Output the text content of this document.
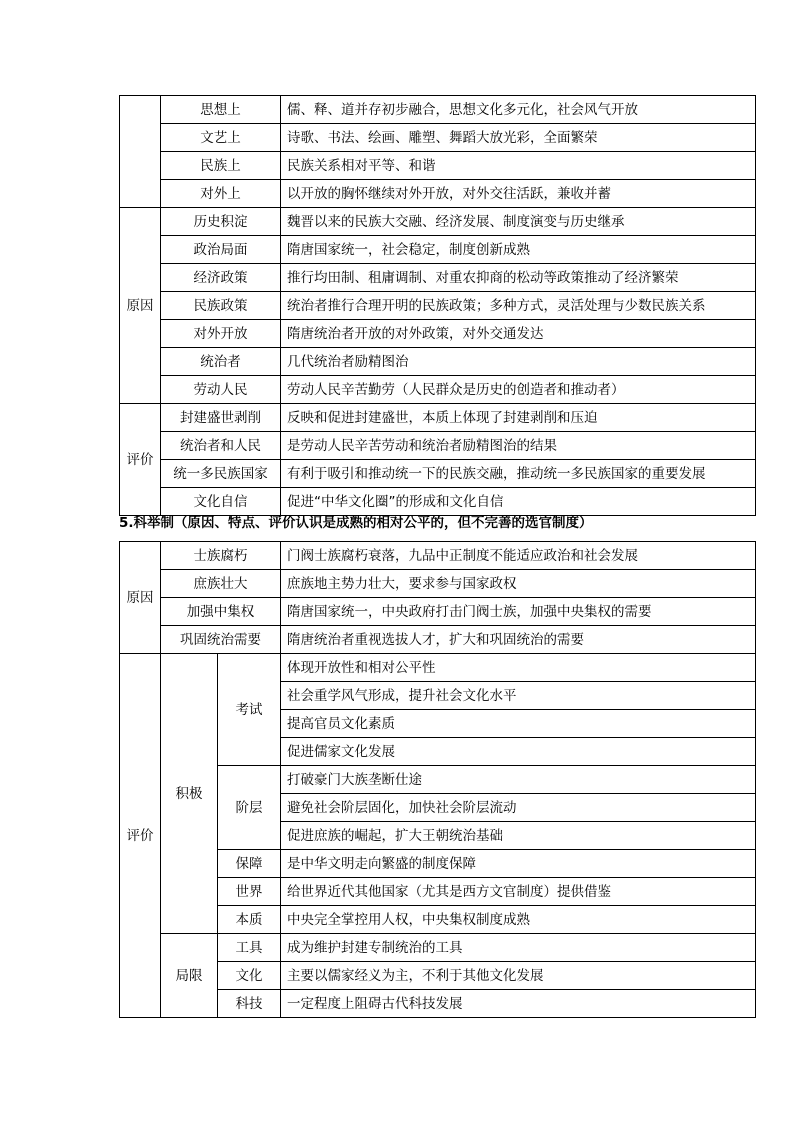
	思想上	儒、释、道并存初步融合，思想文化多元化，社会风气开放
	文艺上	诗歌、书法、绘画、雕塑、舞蹈大放光彩，全面繁荣
	民族上	民族关系相对平等、和谐
	对外上	以开放的胸怀继续对外开放，对外交往活跃，兼收并蓄
原因	历史积淀	魏晋以来的民族大交融、经济发展、制度演变与历史继承
	政治局面	隋唐国家统一，社会稳定，制度创新成熟
	经济政策	推行均田制、租庸调制、对重农抑商的松动等政策推动了经济繁荣
	民族政策	统治者推行合理开明的民族政策；多种方式，灵活处理与少数民族关系
	对外开放	隋唐统治者开放的对外政策，对外交通发达
	统治者	几代统治者励精图治
	劳动人民	劳动人民辛苦勤劳（人民群众是历史的创造者和推动者）
评价	封建盛世剥削	反映和促进封建盛世，本质上体现了封建剥削和压迫
	统治者和人民	是劳动人民辛苦劳动和统治者励精图治的结果
	统一多民族国家	有利于吸引和推动统一下的民族交融，推动统一多民族国家的重要发展
	文化自信	促进“中华文化圈”的形成和文化自信
5.科举制（原因、特点、评价认识是成熟的相对公平的，但不完善的选官制度）
原因	士族腐朽		门阀士族腐朽衰落，九品中正制度不能适应政治和社会发展
	庶族壮大		庶族地主势力壮大，要求参与国家政权
	加强中集权		隋唐国家统一，中央政府打击门阀士族，加强中央集权的需要
	巩固统治需要		隋唐统治者重视选拔人才，扩大和巩固统治的需要
评价	积极	考试	体现开放性和相对公平性
			社会重学风气形成，提升社会文化水平
			提高官员文化素质
			促进儒家文化发展
		阶层	打破豪门大族垄断仕途
			避免社会阶层固化，加快社会阶层流动
			促进庶族的崛起，扩大王朝统治基础
		保障	是中华文明走向繁盛的制度保障
		世界	给世界近代其他国家（尤其是西方文官制度）提供借鉴
		本质	中央完全掌控用人权，中央集权制度成熟
	局限	工具	成为维护封建专制统治的工具
		文化	主要以儒家经义为主，不利于其他文化发展
		科技	一定程度上阻碍古代科技发展
